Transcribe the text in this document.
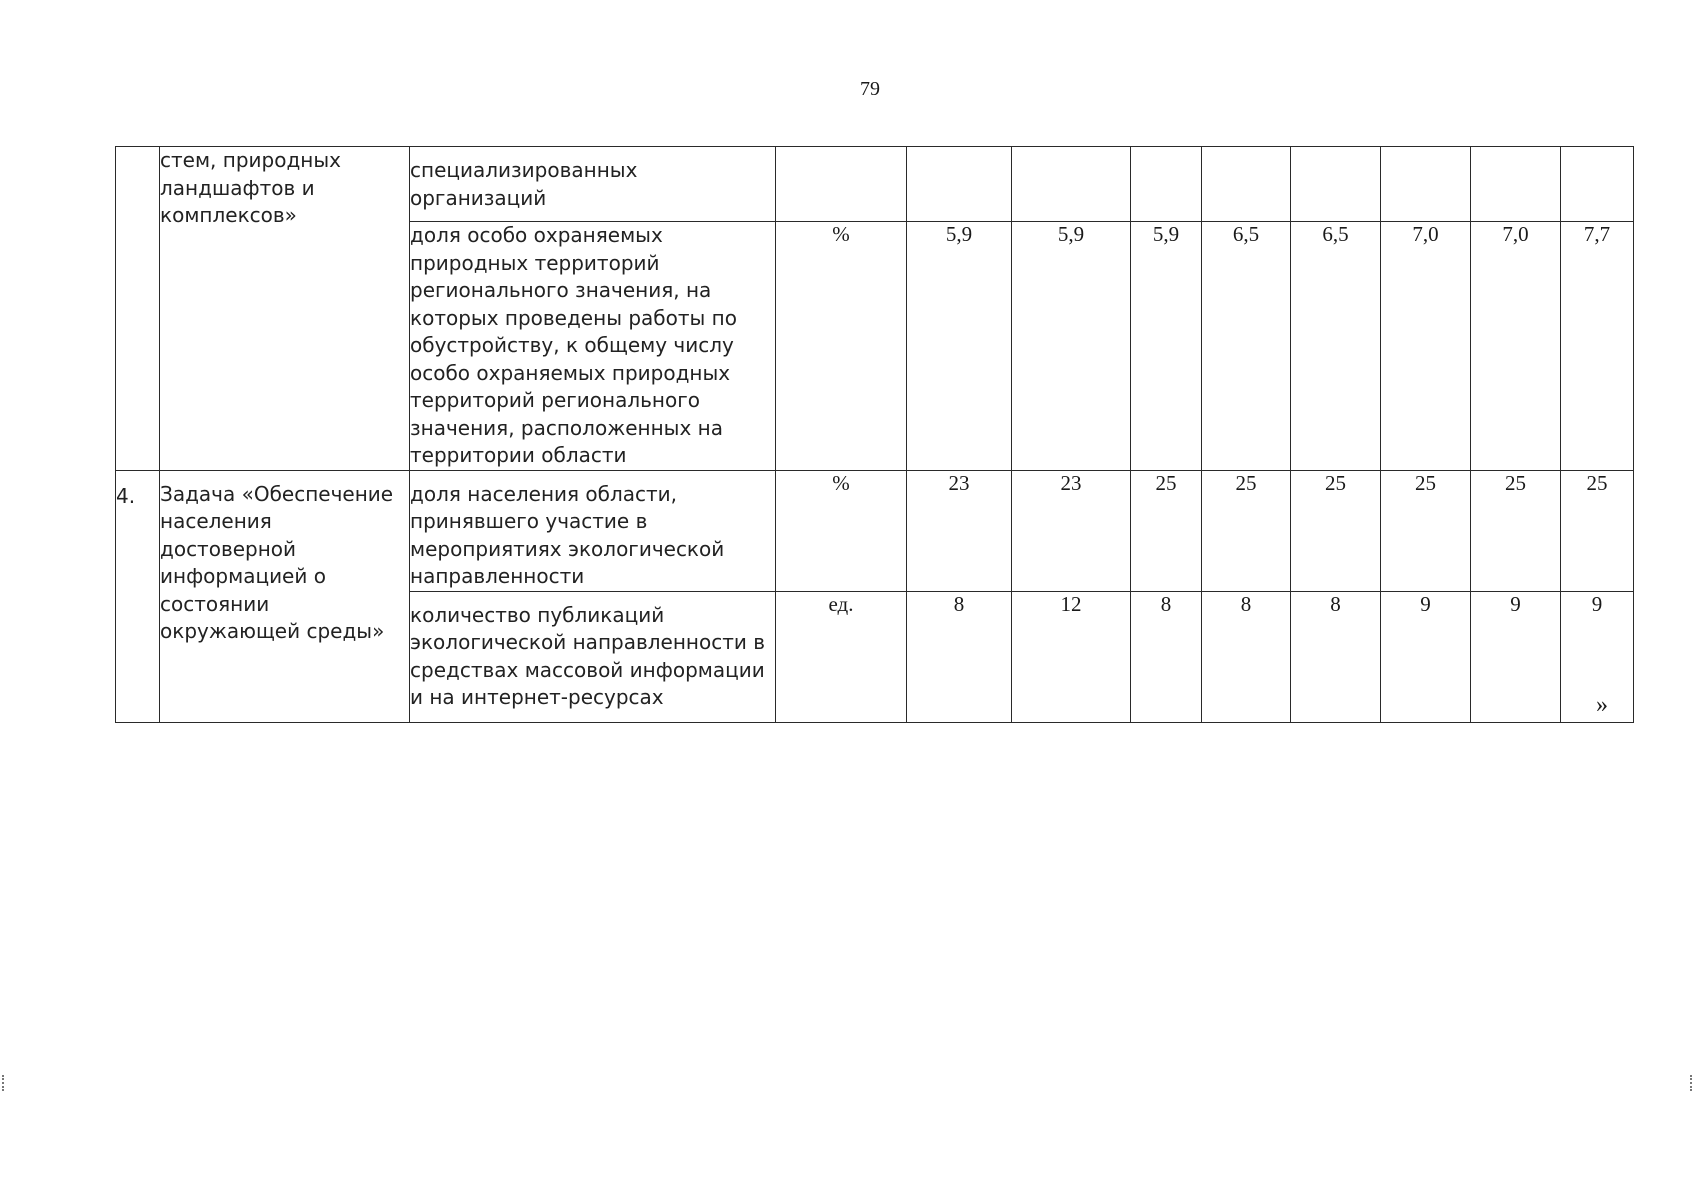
79
	стем, природных ландшафтов и комплексов»	специализированных организаций									
		доля особо охраняемых природных территорий регионального значения, на которых проведены работы по обустройству, к общему числу особо охраняемых природных территорий регионального значения, расположенных на территории области	%	5,9	5,9	5,9	6,5	6,5	7,0	7,0	7,7
4.	Задача «Обеспечение населения достоверной информацией о состоянии окружающей среды»	доля населения области, принявшего участие в мероприятиях экологической направленности	%	23	23	25	25	25	25	25	25
		количество публикаций экологической направленности в средствах массовой информации и на интернет-ресурсах	ед.	8	12	8	8	8	9	9	9
»
